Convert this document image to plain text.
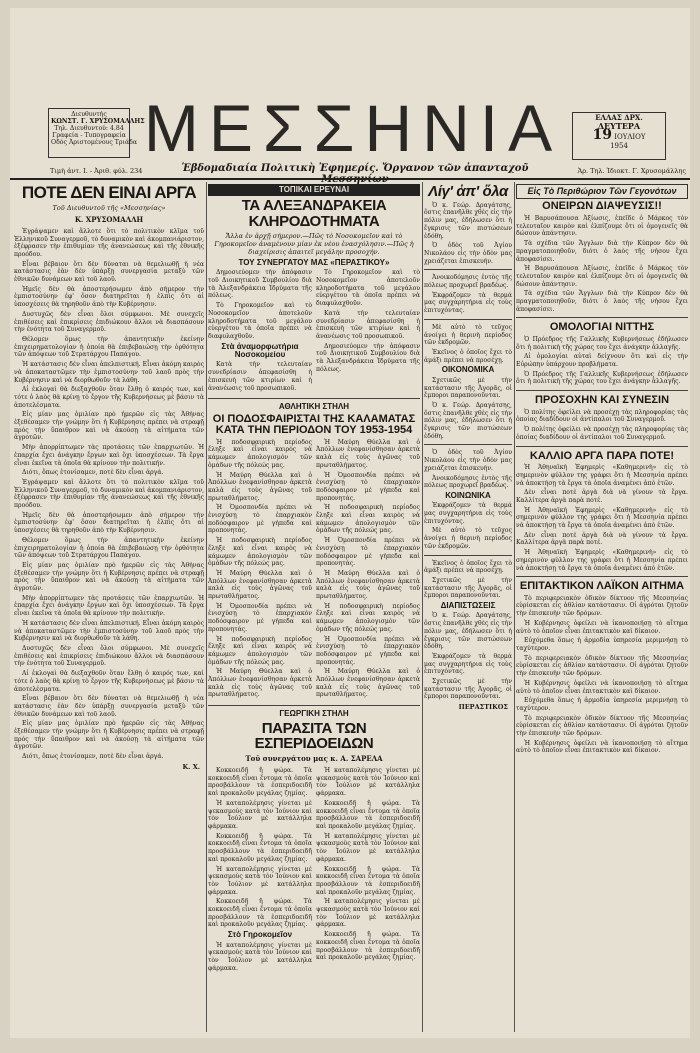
Διευθυντής
ΚΩΝΣΤ. Γ. ΧΡΥΣΟΜΑΛΛΗΣ
Τηλ. Διευθυντού: 4.84
Γραφεία - Τυπογραφεία
Οδός Ἀριστομένους Τριάδα ΜΕΣΣΗΝΙΑ	ΕΛΛΑΣ ΔΡΧ.
ΔΕΥΤΕΡΑ
19 ΙΟΥΛΙΟΥ
1954
Τιμὴ ἀντ. Ι. - Ἀριθ. φύλ. 234	Ἑβδομαδιαία Πολιτικὴ Ἐφημερίς. Ὄργανον τῶν ἀπανταχοῦ	Ἀρ. Τηλ. Ἰδιοκτ. Γ. Χρυσομάλλης
ΠΟΤΕ ΔΕΝ ΕΙΝΑΙ ΑΡΓΑ
Τοῦ Διευθυντοῦ τῆς «Μεσσηνίας»
Κ. ΧΡΥΣΟΜΑΛΛΗ

Ἐγράψαμεν καὶ ἄλλοτε ὅτι τὸ πολιτικὸν κλῖμα τοῦ Ἑλληνικοῦ Συναγερμοῦ, τὸ δυναμικὸν καὶ ἀκομπανιάριστον, ἐξέφρασεν τὴν ἐπιθυμίαν τῆς ἀνανεώσεως καὶ τῆς ἐθνικῆς προόδου.

Εἶναι βέβαιον ὅτι δὲν δύναται νὰ θεμελιωθῇ ἡ νέα κατάστασις ἐὰν δὲν ὑπάρξῃ συνεργασία μεταξὺ τῶν ἐθνικῶν δυνάμεων καὶ τοῦ λαοῦ.

Ἡμεῖς δὲν θὰ ἀποστερήσωμεν ἀπὸ σήμερον τὴν ἐμπιστοσύνην ἐφ' ὅσον διατηρεῖται ἡ ἐλπὶς ὅτι αἱ ὑποσχέσεις θὰ τηρηθοῦν ἀπὸ τὴν Κυβέρνησιν.

Δυστυχῶς δὲν εἶναι ὅλοι σύμφωνοι. Μὲ συνεχεῖς ἐπιθέσεις καὶ ἐπικρίσεις ἐπιδιώκουν ἄλλοι νὰ διασπάσουν τὴν ἑνότητα τοῦ Συναγερμοῦ.

Θέλομεν ὅμως τὴν ἀπαντητικὴν ἐκείνην ἐπιχειρηματολογίαν ἡ ὁποία θὰ ἐπιβεβαιώσῃ τὴν ὀρθότητα τῶν ἀπόψεων τοῦ Στρατάρχου Παπάγου.

Ἡ κατάστασις δὲν εἶναι ἀπελπιστική. Εἶναι ἀκόμη καιρὸς νὰ ἀποκαταστῶμεν τὴν ἐμπιστοσύνην τοῦ λαοῦ πρὸς τὴν Κυβέρνησιν καὶ νὰ διορθωθοῦν τὰ λάθη.

Αἱ ἐκλογαὶ θὰ διεξαχθοῦν ὅταν ἔλθῃ ὁ καιρός των, καὶ τότε ὁ λαὸς θὰ κρίνῃ τὸ ἔργον τῆς Κυβερνήσεως μὲ βάσιν τὰ ἀποτελέσματα.

Εἰς μίαν μας ὁμιλίαν πρὸ ἡμερῶν εἰς τὰς Ἀθήνας ἐξεθέσαμεν τὴν γνώμην ὅτι ἡ Κυβέρνησις πρέπει νὰ στραφῇ πρὸς τὴν ὕπαιθρον καὶ νὰ ἀκούσῃ τὰ αἰτήματα τῶν ἀγροτῶν.

Μὴν ἀπορρίπτωμεν τὰς προτάσεις τῶν ἐπαρχιωτῶν. Ἡ ἐπαρχία ἔχει ἀνάγκην ἔργων καὶ ὄχι ὑποσχέσεων. Τὰ ἔργα εἶναι ἐκεῖνα τὰ ὁποῖα θὰ κρίνουν τὴν πολιτικήν.

Διότι, ὅπως ἐτονίσαμεν, ποτὲ δὲν εἶναι ἀργά.

Ἐγράψαμεν καὶ ἄλλοτε ὅτι τὸ πολιτικὸν κλῖμα τοῦ Ἑλληνικοῦ Συναγερμοῦ, τὸ δυναμικὸν καὶ ἀκομπανιάριστον, ἐξέφρασεν τὴν ἐπιθυμίαν τῆς ἀνανεώσεως καὶ τῆς ἐθνικῆς προόδου.

Ἡμεῖς δὲν θὰ ἀποστερήσωμεν ἀπὸ σήμερον τὴν ἐμπιστοσύνην ἐφ' ὅσον διατηρεῖται ἡ ἐλπὶς ὅτι αἱ ὑποσχέσεις θὰ τηρηθοῦν ἀπὸ τὴν Κυβέρνησιν.

Θέλομεν ὅμως τὴν ἀπαντητικὴν ἐκείνην ἐπιχειρηματολογίαν ἡ ὁποία θὰ ἐπιβεβαιώσῃ τὴν ὀρθότητα τῶν ἀπόψεων τοῦ Στρατάρχου Παπάγου.

Εἰς μίαν μας ὁμιλίαν πρὸ ἡμερῶν εἰς τὰς Ἀθήνας ἐξεθέσαμεν τὴν γνώμην ὅτι ἡ Κυβέρνησις πρέπει νὰ στραφῇ πρὸς τὴν ὕπαιθρον καὶ νὰ ἀκούσῃ τὰ αἰτήματα τῶν ἀγροτῶν.

Μὴν ἀπορρίπτωμεν τὰς προτάσεις τῶν ἐπαρχιωτῶν. Ἡ ἐπαρχία ἔχει ἀνάγκην ἔργων καὶ ὄχι ὑποσχέσεων. Τὰ ἔργα εἶναι ἐκεῖνα τὰ ὁποῖα θὰ κρίνουν τὴν πολιτικήν.

Ἡ κατάστασις δὲν εἶναι ἀπελπιστική. Εἶναι ἀκόμη καιρὸς νὰ ἀποκαταστῶμεν τὴν ἐμπιστοσύνην τοῦ λαοῦ πρὸς τὴν Κυβέρνησιν καὶ νὰ διορθωθοῦν τὰ λάθη.

Δυστυχῶς δὲν εἶναι ὅλοι σύμφωνοι. Μὲ συνεχεῖς ἐπιθέσεις καὶ ἐπικρίσεις ἐπιδιώκουν ἄλλοι νὰ διασπάσουν τὴν ἑνότητα τοῦ Συναγερμοῦ.

Αἱ ἐκλογαὶ θὰ διεξαχθοῦν ὅταν ἔλθῃ ὁ καιρός των, καὶ τότε ὁ λαὸς θὰ κρίνῃ τὸ ἔργον τῆς Κυβερνήσεως μὲ βάσιν τὰ ἀποτελέσματα.

Εἶναι βέβαιον ὅτι δὲν δύναται νὰ θεμελιωθῇ ἡ νέα κατάστασις ἐὰν δὲν ὑπάρξῃ συνεργασία μεταξὺ τῶν ἐθνικῶν δυνάμεων καὶ τοῦ λαοῦ.

Εἰς μίαν μας ὁμιλίαν πρὸ ἡμερῶν εἰς τὰς Ἀθήνας ἐξεθέσαμεν τὴν γνώμην ὅτι ἡ Κυβέρνησις πρέπει νὰ στραφῇ πρὸς τὴν ὕπαιθρον καὶ νὰ ἀκούσῃ τὰ αἰτήματα τῶν ἀγροτῶν.

Διότι, ὅπως ἐτονίσαμεν, ποτὲ δὲν εἶναι ἀργά.

Κ. Χ.
ΤΟΠΙΚΑΙ ΕΡΕΥΝΑΙ
ΤΑ ΑΛΕΞΑΝΔΡΑΚΕΙΑ ΚΛΗΡΟΔΟΤΗΜΑΤΑ
Ἄλλα ἐν ἀρχῇ σήμερον.—Πῶς τὸ Νοσοκομεῖον καὶ τὸ Γηροκομεῖον ἀναμένουν μίαν ἐκ νέου ἐνασχόλησιν.—Πῶς ἡ διαχείρισις ἀπαιτεῖ μεγάλην προσοχήν.
ΤΟΥ ΣΥΝΕΡΓΑΤΟΥ ΜΑΣ «ΠΕΡΑΣΤΙΚΟΥ»

Δημοσιεύομεν τὴν ἀπόφασιν τοῦ Διοικητικοῦ Συμβουλίου διὰ τὰ Ἀλεξανδράκεια Ἱδρύματα τῆς πόλεως.

Τὸ Γηροκομεῖον καὶ τὸ Νοσοκομεῖον ἀποτελοῦν κληροδοτήματα τοῦ μεγάλου εὐεργέτου τὰ ὁποῖα πρέπει νὰ διαφυλαχθοῦν.

Στὰ ἀναμορφωτήρια Νοσοκομείου

Κατὰ τὴν τελευταίαν συνεδρίασιν ἀπεφασίσθη ἡ ἐπισκευὴ τῶν κτιρίων καὶ ἡ ἀνανέωσις τοῦ προσωπικοῦ.

Τὸ Γηροκομεῖον καὶ τὸ Νοσοκομεῖον ἀποτελοῦν κληροδοτήματα τοῦ μεγάλου εὐεργέτου τὰ ὁποῖα πρέπει νὰ διαφυλαχθοῦν.

Κατὰ τὴν τελευταίαν συνεδρίασιν ἀπεφασίσθη ἡ ἐπισκευὴ τῶν κτιρίων καὶ ἡ ἀνανέωσις τοῦ προσωπικοῦ.

Δημοσιεύομεν τὴν ἀπόφασιν τοῦ Διοικητικοῦ Συμβουλίου διὰ τὰ Ἀλεξανδράκεια Ἱδρύματα τῆς πόλεως.

ΑΘΛΗΤΙΚΗ ΣΤΗΛΗ
ΟΙ ΠΟΔΟΣΦΑΙΡΙΣΤΑΙ ΤΗΣ ΚΑΛΑΜΑΤΑΣ ΚΑΤΑ ΤΗΝ ΠΕΡΙΟΔΟΝ ΤΟΥ 1953-1954

Ἡ ποδοσφαιρικὴ περίοδος ἔληξε καὶ εἶναι καιρὸς νὰ κάμωμεν ἀπολογισμὸν τῶν ὁμάδων τῆς πόλεώς μας.

Ἡ Μαύρη Θύελλα καὶ ὁ Ἀπόλλων ἐνεφανίσθησαν ἀρκετὰ καλὰ εἰς τοὺς ἀγῶνας τοῦ πρωταθλήματος.

Ἡ Ὁμοσπονδία πρέπει νὰ ἐνισχύσῃ τὸ ἐπαρχιακὸν ποδόσφαιρον μὲ γήπεδα καὶ προπονητάς.

Ἡ ποδοσφαιρικὴ περίοδος ἔληξε καὶ εἶναι καιρὸς νὰ κάμωμεν ἀπολογισμὸν τῶν ὁμάδων τῆς πόλεώς μας.

Ἡ Μαύρη Θύελλα καὶ ὁ Ἀπόλλων ἐνεφανίσθησαν ἀρκετὰ καλὰ εἰς τοὺς ἀγῶνας τοῦ πρωταθλήματος.

Ἡ Ὁμοσπονδία πρέπει νὰ ἐνισχύσῃ τὸ ἐπαρχιακὸν ποδόσφαιρον μὲ γήπεδα καὶ προπονητάς.

Ἡ ποδοσφαιρικὴ περίοδος ἔληξε καὶ εἶναι καιρὸς νὰ κάμωμεν ἀπολογισμὸν τῶν ὁμάδων τῆς πόλεώς μας.

Ἡ Μαύρη Θύελλα καὶ ὁ Ἀπόλλων ἐνεφανίσθησαν ἀρκετὰ καλὰ εἰς τοὺς ἀγῶνας τοῦ πρωταθλήματος.

Ἡ Μαύρη Θύελλα καὶ ὁ Ἀπόλλων ἐνεφανίσθησαν ἀρκετὰ καλὰ εἰς τοὺς ἀγῶνας τοῦ πρωταθλήματος.

Ἡ Ὁμοσπονδία πρέπει νὰ ἐνισχύσῃ τὸ ἐπαρχιακὸν ποδόσφαιρον μὲ γήπεδα καὶ προπονητάς.

Ἡ ποδοσφαιρικὴ περίοδος ἔληξε καὶ εἶναι καιρὸς νὰ κάμωμεν ἀπολογισμὸν τῶν ὁμάδων τῆς πόλεώς μας.

Ἡ Ὁμοσπονδία πρέπει νὰ ἐνισχύσῃ τὸ ἐπαρχιακὸν ποδόσφαιρον μὲ γήπεδα καὶ προπονητάς.

Ἡ Μαύρη Θύελλα καὶ ὁ Ἀπόλλων ἐνεφανίσθησαν ἀρκετὰ καλὰ εἰς τοὺς ἀγῶνας τοῦ πρωταθλήματος.

Ἡ ποδοσφαιρικὴ περίοδος ἔληξε καὶ εἶναι καιρὸς νὰ κάμωμεν ἀπολογισμὸν τῶν ὁμάδων τῆς πόλεώς μας.

Ἡ Ὁμοσπονδία πρέπει νὰ ἐνισχύσῃ τὸ ἐπαρχιακὸν ποδόσφαιρον μὲ γήπεδα καὶ προπονητάς.

Ἡ Μαύρη Θύελλα καὶ ὁ Ἀπόλλων ἐνεφανίσθησαν ἀρκετὰ καλὰ εἰς τοὺς ἀγῶνας τοῦ πρωταθλήματος.

ΓΕΩΡΓΙΚΗ ΣΤΗΛΗ
ΠΑΡΑΣΙΤΑ ΤΩΝ ΕΣΠΕΡΙΔΟΕΙΔΩΝ
Τοῦ συνεργάτου μας κ. Α. ΣΑΡΕΛΑ

Κοκκοειδῆ ἢ ψώρα. Τὰ κοκκοειδῆ εἶναι ἔντομα τὰ ὁποῖα προσβάλλουν τὰ ἐσπεριδοειδῆ καὶ προκαλοῦν μεγάλας ζημίας.

Ἡ καταπολέμησις γίνεται μὲ ψεκασμοὺς κατὰ τὸν Ἰούνιον καὶ τὸν Ἰούλιον μὲ κατάλληλα φάρμακα.

Κοκκοειδῆ ἢ ψώρα. Τὰ κοκκοειδῆ εἶναι ἔντομα τὰ ὁποῖα προσβάλλουν τὰ ἐσπεριδοειδῆ καὶ προκαλοῦν μεγάλας ζημίας.

Ἡ καταπολέμησις γίνεται μὲ ψεκασμοὺς κατὰ τὸν Ἰούνιον καὶ τὸν Ἰούλιον μὲ κατάλληλα φάρμακα.

Κοκκοειδῆ ἢ ψώρα. Τὰ κοκκοειδῆ εἶναι ἔντομα τὰ ὁποῖα προσβάλλουν τὰ ἐσπεριδοειδῆ καὶ προκαλοῦν μεγάλας ζημίας.

Στὸ Γηροκομεῖον

Ἡ καταπολέμησις γίνεται μὲ ψεκασμοὺς κατὰ τὸν Ἰούνιον καὶ τὸν Ἰούλιον μὲ κατάλληλα φάρμακα.

Ἡ καταπολέμησις γίνεται μὲ ψεκασμοὺς κατὰ τὸν Ἰούνιον καὶ τὸν Ἰούλιον μὲ κατάλληλα φάρμακα.

Κοκκοειδῆ ἢ ψώρα. Τὰ κοκκοειδῆ εἶναι ἔντομα τὰ ὁποῖα προσβάλλουν τὰ ἐσπεριδοειδῆ καὶ προκαλοῦν μεγάλας ζημίας.

Ἡ καταπολέμησις γίνεται μὲ ψεκασμοὺς κατὰ τὸν Ἰούνιον καὶ τὸν Ἰούλιον μὲ κατάλληλα φάρμακα.

Κοκκοειδῆ ἢ ψώρα. Τὰ κοκκοειδῆ εἶναι ἔντομα τὰ ὁποῖα προσβάλλουν τὰ ἐσπεριδοειδῆ καὶ προκαλοῦν μεγάλας ζημίας.

Ἡ καταπολέμησις γίνεται μὲ ψεκασμοὺς κατὰ τὸν Ἰούνιον καὶ τὸν Ἰούλιον μὲ κατάλληλα φάρμακα.

Κοκκοειδῆ ἢ ψώρα. Τὰ κοκκοειδῆ εἶναι ἔντομα τὰ ὁποῖα προσβάλλουν τὰ ἐσπεριδοειδῆ καὶ προκαλοῦν μεγάλας ζημίας.

Λίγ' ἀπ' ὅλα

Ὁ κ. Γεώρ. Δραγάτσης, ὅστις ἐπανῆλθε χθὲς εἰς τὴν πόλιν μας, ἐδήλωσεν ὅτι ἡ ἔγκρισις τῶν πιστώσεων ἐδόθη.

Ὁ ὁδὸς τοῦ Ἀγίου Νικολάου εἰς τὴν ὁδὸν μας χρειάζεται ἐπισκευήν.

Ἀνοικοδόμησις ἐντὸς τῆς πόλεως προχωρεῖ βραδέως.

Ἐκφράζομεν τὰ θερμά μας συγχαρητήρια εἰς τοὺς ἐπιτυχόντας.

Μὲ αὐτὸ τὸ τεῦχος ἀνοίγει ἡ θερινὴ περίοδος τῶν ἐκδρομῶν.

Ἐκεῖνος ὁ ὁποῖος ἔχει τὸ ἀμάξι πρέπει νὰ προσέχῃ.

ΟΙΚΟΝΟΜΙΚΑ

Σχετικῶς μὲ τὴν κατάστασιν τῆς Ἀγορᾶς, οἱ ἔμποροι παραπονοῦνται.

Ὁ κ. Γεώρ. Δραγάτσης, ὅστις ἐπανῆλθε χθὲς εἰς τὴν πόλιν μας, ἐδήλωσεν ὅτι ἡ ἔγκρισις τῶν πιστώσεων ἐδόθη.

Ὁ ὁδὸς τοῦ Ἀγίου Νικολάου εἰς τὴν ὁδὸν μας χρειάζεται ἐπισκευήν.

Ἀνοικοδόμησις ἐντὸς τῆς πόλεως προχωρεῖ βραδέως.

ΚΟΙΝΩΝΙΚΑ

Ἐκφράζομεν τὰ θερμά μας συγχαρητήρια εἰς τοὺς ἐπιτυχόντας.

Μὲ αὐτὸ τὸ τεῦχος ἀνοίγει ἡ θερινὴ περίοδος τῶν ἐκδρομῶν.

Ἐκεῖνος ὁ ὁποῖος ἔχει τὸ ἀμάξι πρέπει νὰ προσέχῃ.

Σχετικῶς μὲ τὴν κατάστασιν τῆς Ἀγορᾶς, οἱ ἔμποροι παραπονοῦνται.

ΔΙΑΠΙΣΤΩΣΕΙΣ

Ὁ κ. Γεώρ. Δραγάτσης, ὅστις ἐπανῆλθε χθὲς εἰς τὴν πόλιν μας, ἐδήλωσεν ὅτι ἡ ἔγκρισις τῶν πιστώσεων ἐδόθη.

Ἐκφράζομεν τὰ θερμά μας συγχαρητήρια εἰς τοὺς ἐπιτυχόντας.

Σχετικῶς μὲ τὴν κατάστασιν τῆς Ἀγορᾶς, οἱ ἔμποροι παραπονοῦνται.

ΠΕΡΑΣΤΙΚΟΣ
Εἰς Τὸ Περιθώριον Τῶν Γεγονότων
ΟΝΕΙΡΩΝ ΔΙΑΨΕΥΣΙΣ!!

Ἡ Βαρυσάπουσα Ἀξίωσις, ἐπεῖδε ὁ Μάρκος τὸν τελευταῖον καιρὸν καὶ ἐλπίζουμε ὅτι οἱ ὁμογενεῖς θὰ δώσουν ἀπάντησιν.

Τὰ σχέδια τῶν Ἄγγλων διὰ τὴν Κύπρον δὲν θὰ πραγματοποιηθοῦν, διότι ὁ λαὸς τῆς νήσου ἔχει ἀποφασίσει.

Ἡ Βαρυσάπουσα Ἀξίωσις, ἐπεῖδε ὁ Μάρκος τὸν τελευταῖον καιρὸν καὶ ἐλπίζουμε ὅτι οἱ ὁμογενεῖς θὰ δώσουν ἀπάντησιν.

Τὰ σχέδια τῶν Ἄγγλων διὰ τὴν Κύπρον δὲν θὰ πραγματοποιηθοῦν, διότι ὁ λαὸς τῆς νήσου ἔχει ἀποφασίσει.

ΟΜΟΛΟΓΙΑΙ ΝΙΤΤΗΣ

Ὁ Πρόεδρος τῆς Γαλλικῆς Κυβερνήσεως ἐδήλωσεν ὅτι ἡ πολιτικὴ τῆς χώρας του ἔχει ἀνάγκην ἀλλαγῆς.

Αἱ ὁμολογίαι αὐταὶ δείχνουν ὅτι καὶ εἰς τὴν Εὐρώπην ὑπάρχουν προβλήματα.

Ὁ Πρόεδρος τῆς Γαλλικῆς Κυβερνήσεως ἐδήλωσεν ὅτι ἡ πολιτικὴ τῆς χώρας του ἔχει ἀνάγκην ἀλλαγῆς.

ΠΡΟΣΟΧΗΝ ΚΑΙ ΣΥΝΕΣΙΝ

Ὁ πολίτης ὀφείλει νὰ προσέχῃ τὰς πληροφορίας τὰς ὁποίας διαδίδουν οἱ ἀντίπαλοι τοῦ Συναγερμοῦ.

Ὁ πολίτης ὀφείλει νὰ προσέχῃ τὰς πληροφορίας τὰς ὁποίας διαδίδουν οἱ ἀντίπαλοι τοῦ Συναγερμοῦ.

ΚΑΛΛΙΟ ΑΡΓΑ ΠΑΡΑ ΠΟΤΕ!

Ἡ Ἀθηναϊκὴ Ἐφημερὶς «Καθημερινὴ» εἰς τὸ σημερινὸν φύλλον της γράφει ὅτι ἡ Μεσσηνία πρέπει νὰ ἀποκτήσῃ τὰ ἔργα τὰ ὁποῖα ἀναμένει ἀπὸ ἐτῶν.

Δὲν εἶναι ποτὲ ἀργὰ διὰ νὰ γίνουν τὰ ἔργα. Καλλίτερα ἀργὰ παρὰ ποτέ.

Ἡ Ἀθηναϊκὴ Ἐφημερὶς «Καθημερινὴ» εἰς τὸ σημερινὸν φύλλον της γράφει ὅτι ἡ Μεσσηνία πρέπει νὰ ἀποκτήσῃ τὰ ἔργα τὰ ὁποῖα ἀναμένει ἀπὸ ἐτῶν.

Δὲν εἶναι ποτὲ ἀργὰ διὰ νὰ γίνουν τὰ ἔργα. Καλλίτερα ἀργὰ παρὰ ποτέ.

Ἡ Ἀθηναϊκὴ Ἐφημερὶς «Καθημερινὴ» εἰς τὸ σημερινὸν φύλλον της γράφει ὅτι ἡ Μεσσηνία πρέπει νὰ ἀποκτήσῃ τὰ ἔργα τὰ ὁποῖα ἀναμένει ἀπὸ ἐτῶν.

ΕΠΙΤΑΚΤΙΚΟΝ ΛΑΪΚΟΝ ΑΙΤΗΜΑ

Τὸ περιφερειακὸν ὁδικὸν δίκτυον τῆς Μεσσηνίας εὑρίσκεται εἰς ἀθλίαν κατάστασιν. Οἱ ἀγρόται ζητοῦν τὴν ἐπισκευὴν τῶν δρόμων.

Ἡ Κυβέρνησις ὀφείλει νὰ ἱκανοποιήσῃ τὸ αἴτημα αὐτὸ τὸ ὁποῖον εἶναι ἐπιτακτικὸν καὶ δίκαιον.

Εὐχόμεθα ὅπως ἡ ἀρμοδία ὑπηρεσία μεριμνήσῃ τὸ ταχύτερον.

Τὸ περιφερειακὸν ὁδικὸν δίκτυον τῆς Μεσσηνίας εὑρίσκεται εἰς ἀθλίαν κατάστασιν. Οἱ ἀγρόται ζητοῦν τὴν ἐπισκευὴν τῶν δρόμων.

Ἡ Κυβέρνησις ὀφείλει νὰ ἱκανοποιήσῃ τὸ αἴτημα αὐτὸ τὸ ὁποῖον εἶναι ἐπιτακτικὸν καὶ δίκαιον.

Εὐχόμεθα ὅπως ἡ ἀρμοδία ὑπηρεσία μεριμνήσῃ τὸ ταχύτερον.

Τὸ περιφερειακὸν ὁδικὸν δίκτυον τῆς Μεσσηνίας εὑρίσκεται εἰς ἀθλίαν κατάστασιν. Οἱ ἀγρόται ζητοῦν τὴν ἐπισκευὴν τῶν δρόμων.

Ἡ Κυβέρνησις ὀφείλει νὰ ἱκανοποιήσῃ τὸ αἴτημα αὐτὸ τὸ ὁποῖον εἶναι ἐπιτακτικὸν καὶ δίκαιον.
